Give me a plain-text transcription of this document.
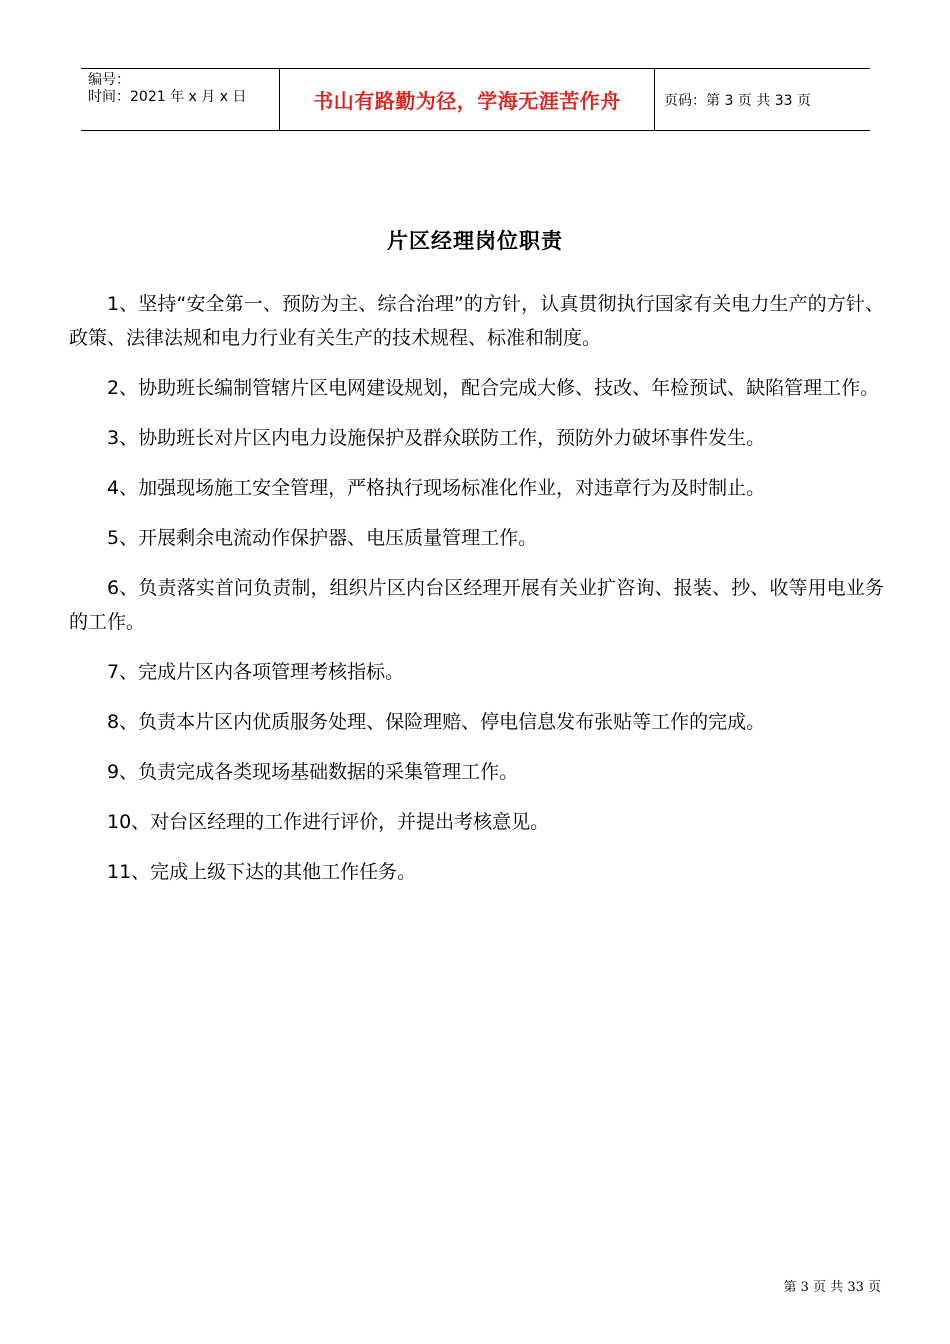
编号：
时间：2021 年 x 月 x 日	书山有路勤为径，学海无涯苦作舟	页码：第 3 页 共 33 页
片区经理岗位职责

1、坚持“安全第一、预防为主、综合治理”的方针，认真贯彻执行国家有关电力生产的方针、政策、法律法规和电力行业有关生产的技术规程、标准和制度。

2、协助班长编制管辖片区电网建设规划，配合完成大修、技改、年检预试、缺陷管理工作。

3、协助班长对片区内电力设施保护及群众联防工作，预防外力破坏事件发生。

4、加强现场施工安全管理，严格执行现场标准化作业，对违章行为及时制止。

5、开展剩余电流动作保护器、电压质量管理工作。

6、负责落实首问负责制，组织片区内台区经理开展有关业扩咨询、报装、抄、收等用电业务的工作。

7、完成片区内各项管理考核指标。

8、负责本片区内优质服务处理、保险理赔、停电信息发布张贴等工作的完成。

9、负责完成各类现场基础数据的采集管理工作。

10、对台区经理的工作进行评价，并提出考核意见。

11、完成上级下达的其他工作任务。

第 3 页 共 33 页
